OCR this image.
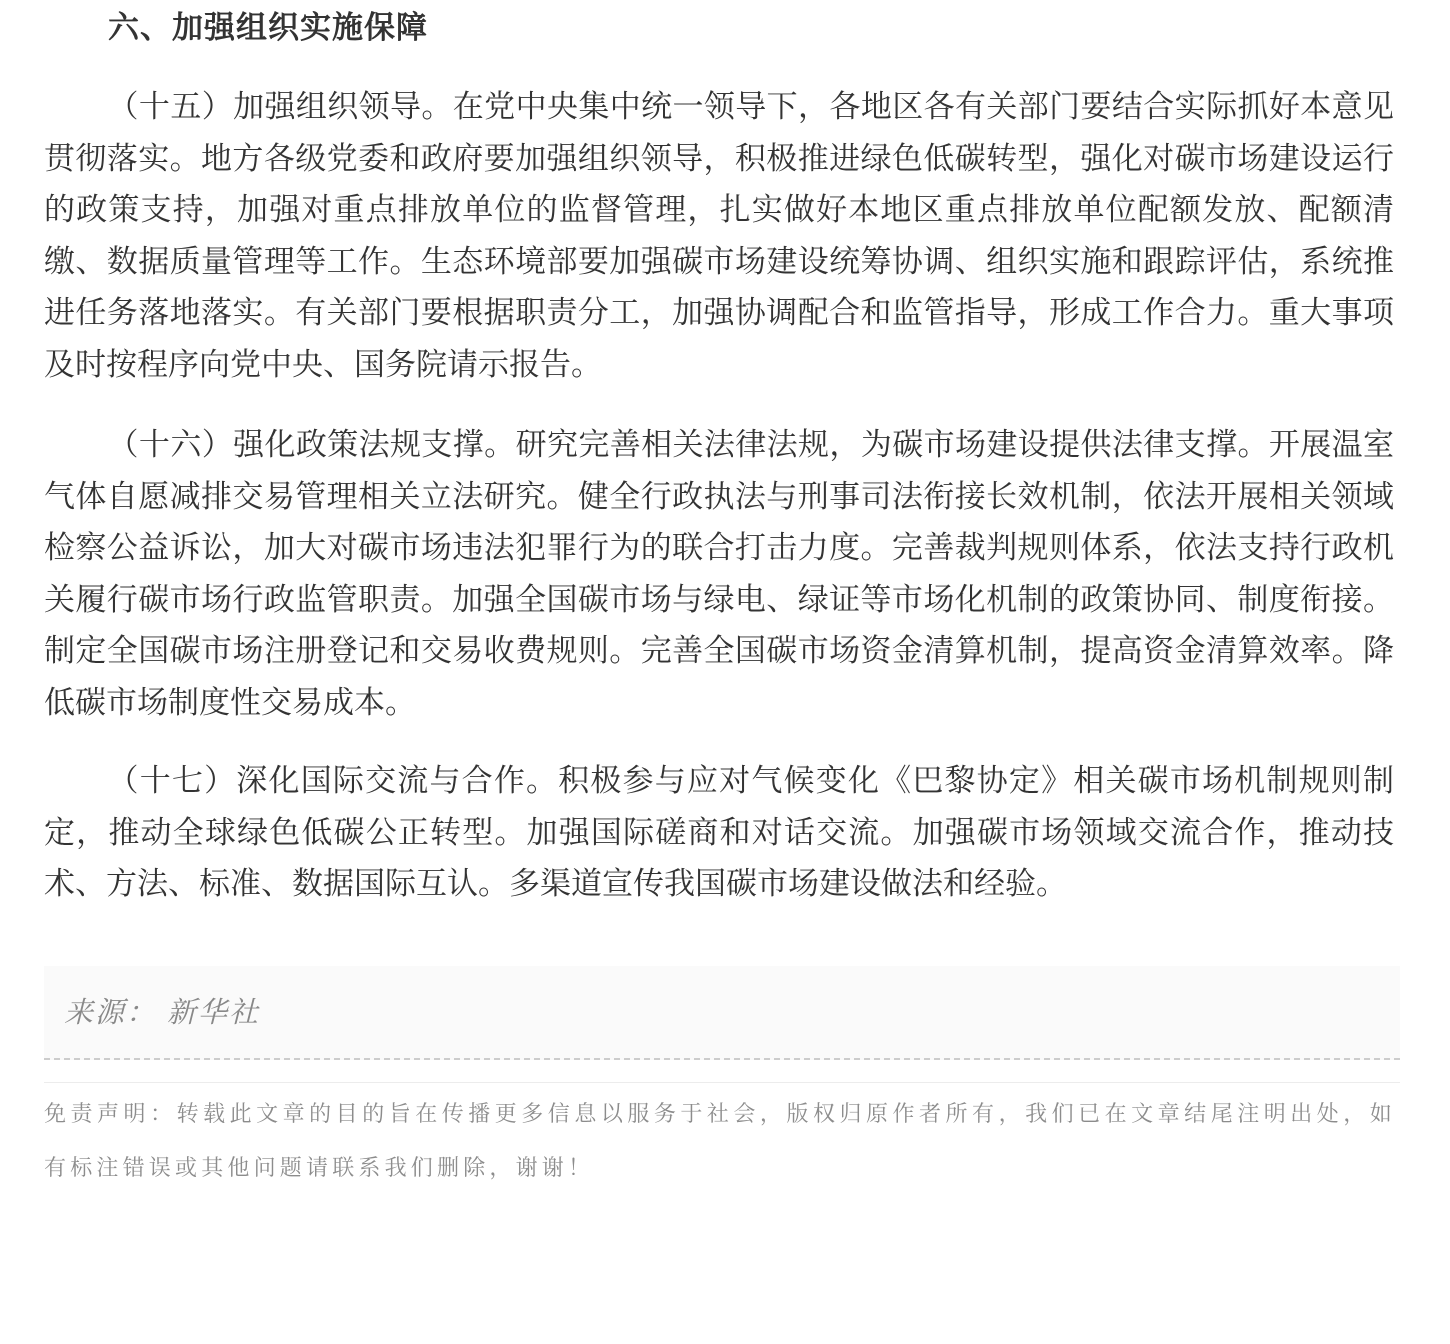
六、加强组织实施保障

（十五）加强组织领导。在党中央集中统一领导下，各地区各有关部门要结合实际抓好本意见贯彻落实。地方各级党委和政府要加强组织领导，积极推进绿色低碳转型，强化对碳市场建设运行的政策支持，加强对重点排放单位的监督管理，扎实做好本地区重点排放单位配额发放、配额清缴、数据质量管理等工作。生态环境部要加强碳市场建设统筹协调、组织实施和跟踪评估，系统推进任务落地落实。有关部门要根据职责分工，加强协调配合和监管指导，形成工作合力。重大事项及时按程序向党中央、国务院请示报告。

（十六）强化政策法规支撑。研究完善相关法律法规，为碳市场建设提供法律支撑。开展温室气体自愿减排交易管理相关立法研究。健全行政执法与刑事司法衔接长效机制，依法开展相关领域检察公益诉讼，加大对碳市场违法犯罪行为的联合打击力度。完善裁判规则体系，依法支持行政机关履行碳市场行政监管职责。加强全国碳市场与绿电、绿证等市场化机制的政策协同、制度衔接。制定全国碳市场注册登记和交易收费规则。完善全国碳市场资金清算机制，提高资金清算效率。降低碳市场制度性交易成本。

（十七）深化国际交流与合作。积极参与应对气候变化《巴黎协定》相关碳市场机制规则制定，推动全球绿色低碳公正转型。加强国际磋商和对话交流。加强碳市场领域交流合作，推动技术、方法、标准、数据国际互认。多渠道宣传我国碳市场建设做法和经验。

来源： 新华社

免责声明：转载此文章的目的旨在传播更多信息以服务于社会，版权归原作者所有，我们已在文章结尾注明出处，如有标注错误或其他问题请联系我们删除，谢谢！
